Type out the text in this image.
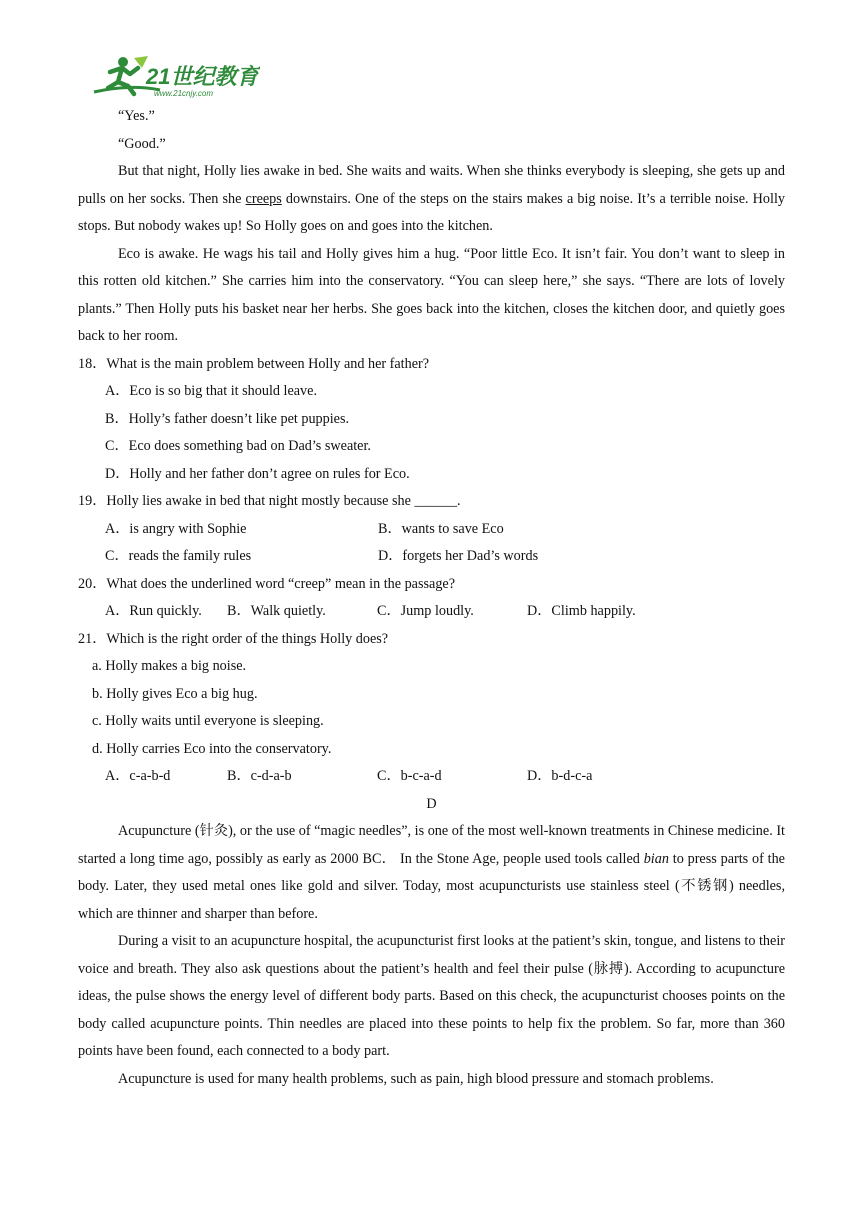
21世纪教育
www.21cnjy.com

“Yes.”

“Good.”

But that night, Holly lies awake in bed. She waits and waits. When she thinks everybody is sleeping, she gets up and pulls on her socks. Then she creeps downstairs. One of the steps on the stairs makes a big noise. It’s a terrible noise. Holly stops. But nobody wakes up! So Holly goes on and goes into the kitchen.

Eco is awake. He wags his tail and Holly gives him a hug. “Poor little Eco. It isn’t fair. You don’t want to sleep in this rotten old kitchen.” She carries him into the conservatory. “You can sleep here,” she says. “There are lots of lovely plants.” Then Holly puts his basket near her herbs. She goes back into the kitchen, closes the kitchen door, and quietly goes back to her room.

18．What is the main problem between Holly and her father?

A．Eco is so big that it should leave.

B．Holly’s father doesn’t like pet puppies.

C．Eco does something bad on Dad’s sweater.

D．Holly and her father don’t agree on rules for Eco.

19．Holly lies awake in bed that night mostly because she ______.

A．is angry with Sophie	B．wants to save Eco
C．reads the family rules	D．forgets her Dad’s words

20．What does the underlined word “creep” mean in the passage?

A．Run quickly.	B．Walk quietly.	C．Jump loudly.	D．Climb happily.

21．Which is the right order of the things Holly does?

a. Holly makes a big noise.

b. Holly gives Eco a big hug.

c. Holly waits until everyone is sleeping.

d. Holly carries Eco into the conservatory.

A．c-a-b-d	B．c-d-a-b	C．b-c-a-d	D．b-d-c-a

D

Acupuncture (针灸), or the use of “magic needles”, is one of the most well-known treatments in Chinese medicine. It started a long time ago, possibly as early as 2000 BC． In the Stone Age, people used tools called bian to press parts of the body. Later, they used metal ones like gold and silver. Today, most acupuncturists use stainless steel (不锈钢) needles, which are thinner and sharper than before.

During a visit to an acupuncture hospital, the acupuncturist first looks at the patient’s skin, tongue, and listens to their voice and breath. They also ask questions about the patient’s health and feel their pulse (脉搏). According to acupuncture ideas, the pulse shows the energy level of different body parts. Based on this check, the acupuncturist chooses points on the body called acupuncture points. Thin needles are placed into these points to help fix the problem. So far, more than 360 points have been found, each connected to a body part.

Acupuncture is used for many health problems, such as pain, high blood pressure and stomach problems.
